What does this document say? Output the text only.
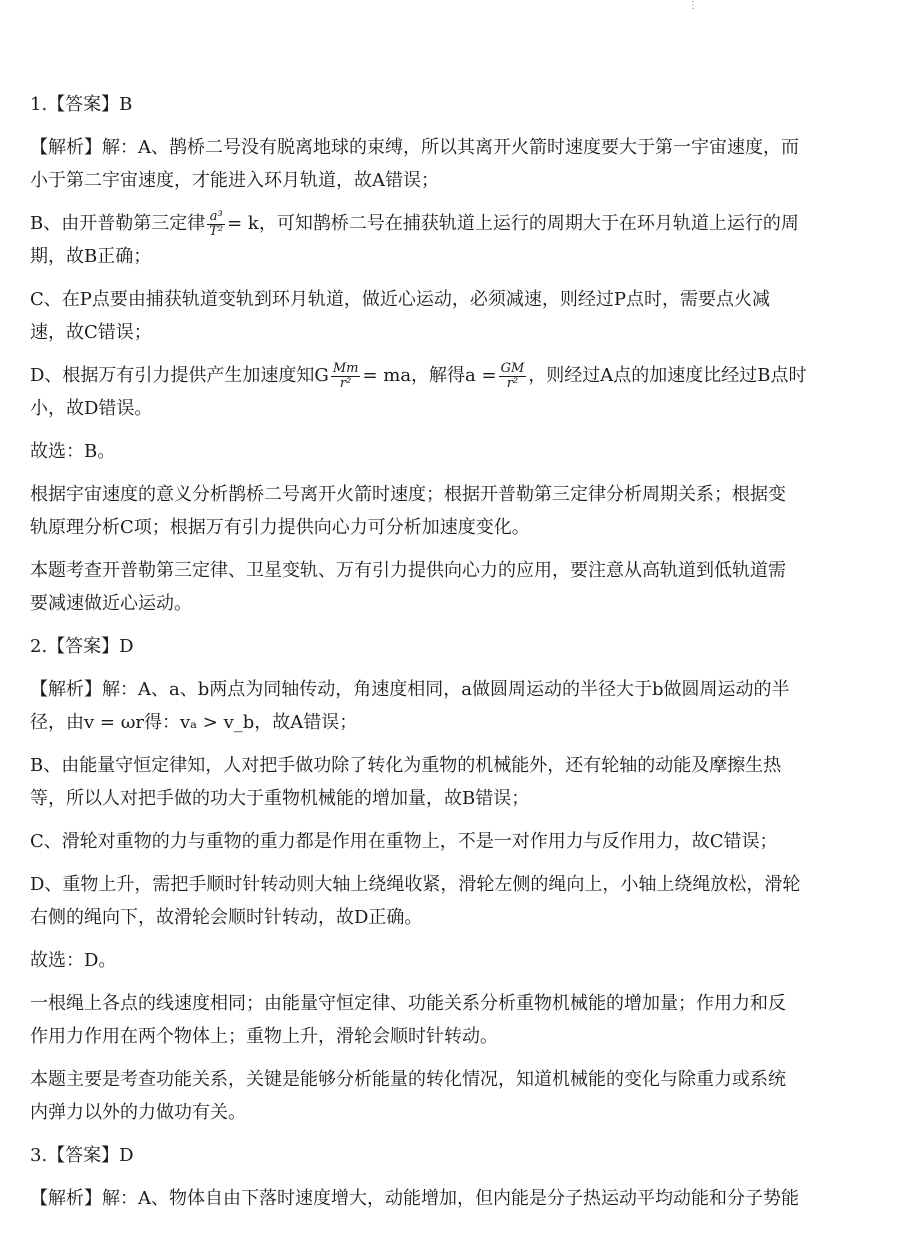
⋮
1.【答案】B
【解析】解：A、鹊桥二号没有脱离地球的束缚，所以其离开火箭时速度要大于第一宇宙速度，而
小于第二宇宙速度，才能进入环月轨道，故A错误；
B、由开普勒第三定律 $\frac{\text{a³}}{\text{T²}} = k$，可知鹊桥二号在捕获轨道上运行的周期大于在环月轨道上运行的周
期，故B正确；
C、在P点要由捕获轨道变轨到环月轨道，做近心运动，必须减速，则经过P点时，需要点火减
速，故C错误；
D、根据万有引力提供产生加速度知G $\frac{Mm}{\text{r²}}$ = ma，解得$a = \frac{GM}{\text{r²}}$ ，则经过A点的加速度比经过B点时
小，故D错误。
故选：B。
根据宇宙速度的意义分析鹊桥二号离开火箭时速度；根据开普勒第三定律分析周期关系；根据变
轨原理分析C项；根据万有引力提供向心力可分析加速度变化。
本题考查开普勒第三定律、卫星变轨、万有引力提供向心力的应用，要注意从高轨道到低轨道需
要减速做近心运动。
2.【答案】D
【解析】解：A、a、b两点为同轴传动，角速度相同，a做圆周运动的半径大于b做圆周运动的半
径，由v = ωr得：vₐ > v_b，故A错误；
B、由能量守恒定律知，人对把手做功除了转化为重物的机械能外，还有轮轴的动能及摩擦生热
等，所以人对把手做的功大于重物机械能的增加量，故B错误；
C、滑轮对重物的力与重物的重力都是作用在重物上，不是一对作用力与反作用力，故C错误；
D、重物上升，需把手顺时针转动则大轴上绕绳收紧，滑轮左侧的绳向上，小轴上绕绳放松，滑轮
右侧的绳向下，故滑轮会顺时针转动，故D正确。
故选：D。
一根绳上各点的线速度相同；由能量守恒定律、功能关系分析重物机械能的增加量；作用力和反
作用力作用在两个物体上；重物上升，滑轮会顺时针转动。
本题主要是考查功能关系，关键是能够分析能量的转化情况，知道机械能的变化与除重力或系统
内弹力以外的力做功有关。
3.【答案】D
【解析】解：A、物体自由下落时速度增大，动能增加，但内能是分子热运动平均动能和分子势能
